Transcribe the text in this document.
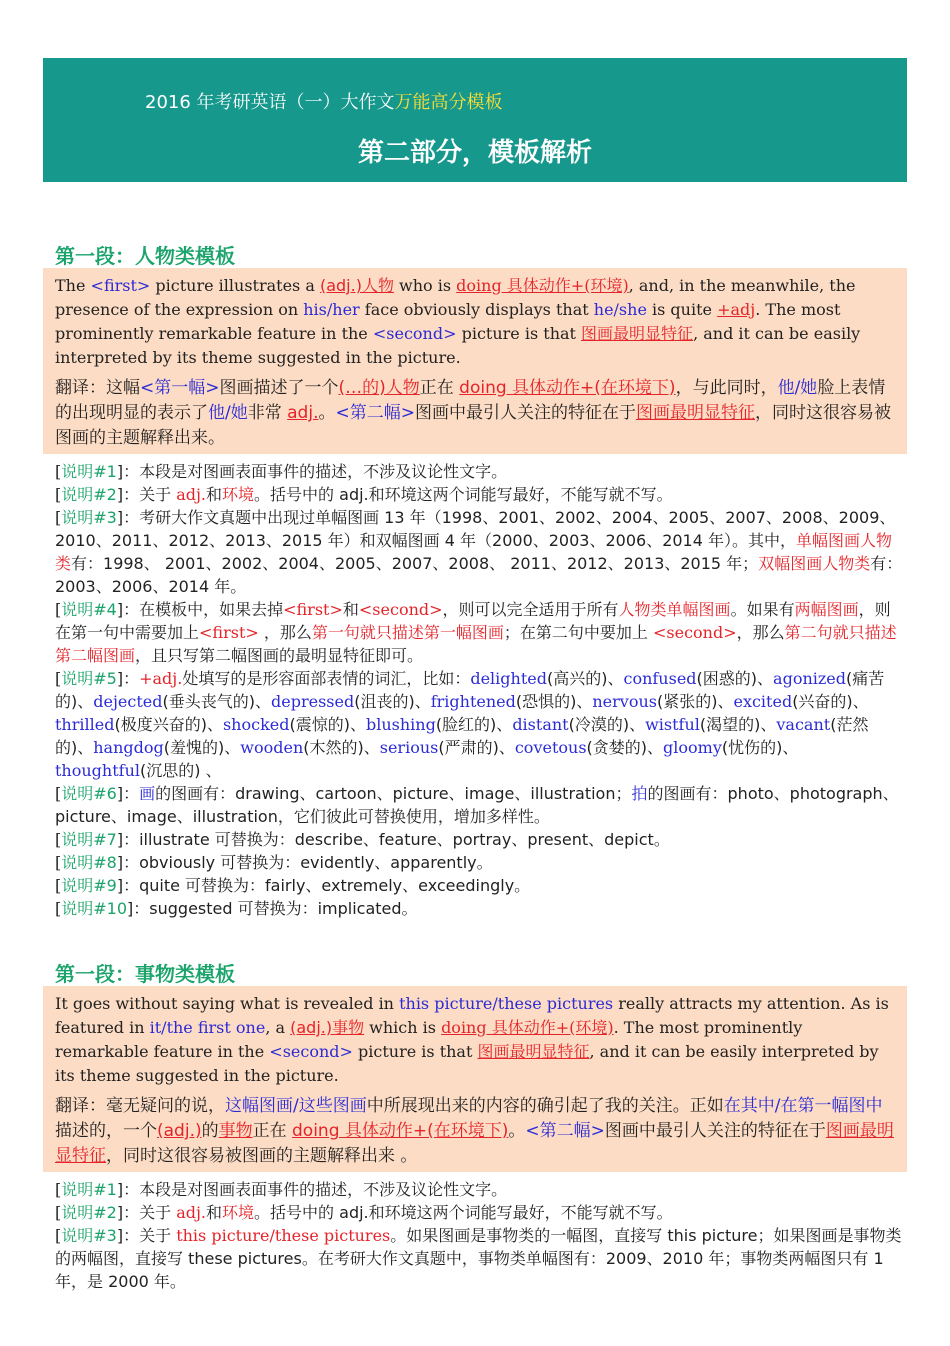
2016 年考研英语（一）大作文万能高分模板
第二部分，模板解析
第一段：人物类模板

The <first> picture illustrates a (adj.)人物 who is doing 具体动作+(环境), and, in the meanwhile, the presence of the expression on his/her face obviously displays that he/she is quite +adj. The most prominently remarkable feature in the <second> picture is that 图画最明显特征, and it can be easily interpreted by its theme suggested in the picture.

翻译：这幅<第一幅>图画描述了一个(…的)人物正在 doing 具体动作+(在环境下)，与此同时，他/她脸上表情的出现明显的表示了他/她非常 adj.。<第二幅>图画中最引人关注的特征在于图画最明显特征，同时这很容易被图画的主题解释出来。

[说明#1]：本段是对图画表面事件的描述，不涉及议论性文字。

[说明#2]：关于 adj.和环境。括号中的 adj.和环境这两个词能写最好，不能写就不写。

[说明#3]：考研大作文真题中出现过单幅图画 13 年（1998、2001、2002、2004、2005、2007、2008、2009、2010、2011、2012、2013、2015 年）和双幅图画 4 年（2000、2003、2006、2014 年）。其中，单幅图画人物类有：1998、 2001、2002、2004、2005、2007、2008、 2011、2012、2013、2015 年；双幅图画人物类有：2003、2006、2014 年。

[说明#4]：在模板中，如果去掉<first>和<second>，则可以完全适用于所有人物类单幅图画。如果有两幅图画，则在第一句中需要加上<first> ，那么第一句就只描述第一幅图画；在第二句中要加上 <second>，那么第二句就只描述第二幅图画，且只写第二幅图画的最明显特征即可。

[说明#5]：+adj.处填写的是形容面部表情的词汇，比如：delighted(高兴的)、confused(困惑的)、agonized(痛苦的)、dejected(垂头丧气的)、depressed(沮丧的)、frightened(恐惧的)、nervous(紧张的)、excited(兴奋的)、thrilled(极度兴奋的)、shocked(震惊的)、blushing(脸红的)、distant(冷漠的)、wistful(渴望的)、vacant(茫然的)、hangdog(羞愧的)、wooden(木然的)、serious(严肃的)、covetous(贪婪的)、gloomy(忧伤的)、thoughtful(沉思的) 、

[说明#6]：画的图画有：drawing、cartoon、picture、image、illustration；拍的图画有：photo、photograph、picture、image、illustration，它们彼此可替换使用，增加多样性。

[说明#7]：illustrate 可替换为：describe、feature、portray、present、depict。

[说明#8]：obviously 可替换为：evidently、apparently。

[说明#9]：quite 可替换为：fairly、extremely、exceedingly。

[说明#10]：suggested 可替换为：implicated。

第一段：事物类模板

It goes without saying what is revealed in this picture/these pictures really attracts my attention. As is featured in it/the first one, a (adj.)事物 which is doing 具体动作+(环境). The most prominently remarkable feature in the <second> picture is that 图画最明显特征, and it can be easily interpreted by its theme suggested in the picture.

翻译：毫无疑问的说，这幅图画/这些图画中所展现出来的内容的确引起了我的关注。正如在其中/在第一幅图中描述的，一个(adj.)的事物正在 doing 具体动作+(在环境下)。<第二幅>图画中最引人关注的特征在于图画最明显特征，同时这很容易被图画的主题解释出来 。

[说明#1]：本段是对图画表面事件的描述，不涉及议论性文字。

[说明#2]：关于 adj.和环境。括号中的 adj.和环境这两个词能写最好，不能写就不写。

[说明#3]：关于 this picture/these pictures。如果图画是事物类的一幅图，直接写 this picture；如果图画是事物类的两幅图，直接写 these pictures。在考研大作文真题中，事物类单幅图有：2009、2010 年；事物类两幅图只有 1 年，是 2000 年。
